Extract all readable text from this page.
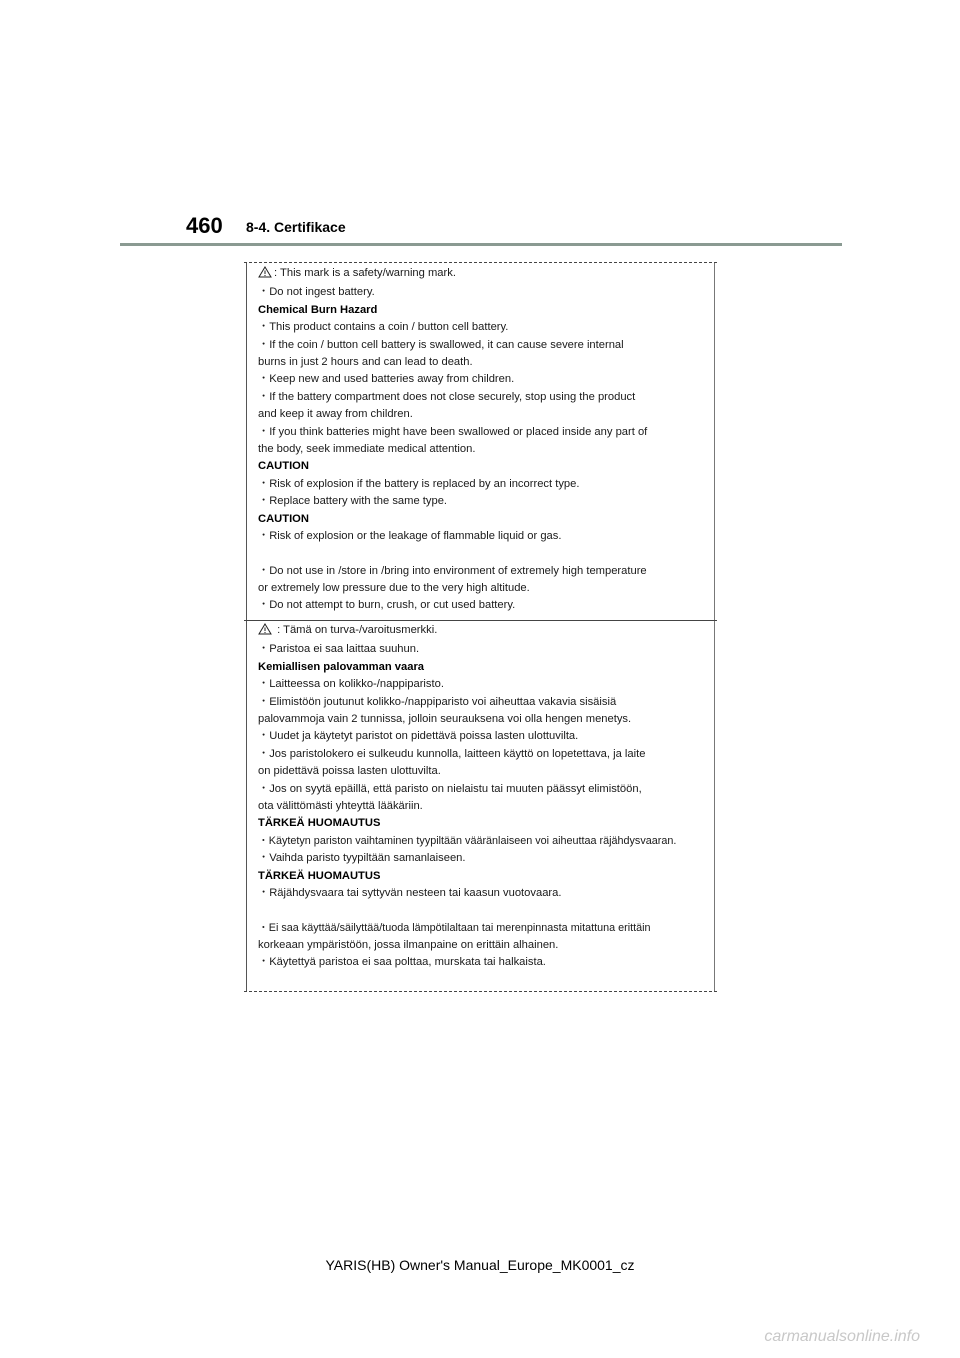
460 8-4. Certifikace
: This mark is a safety/warning mark.
・Do not ingest battery.
Chemical Burn Hazard
・This product contains a coin / button cell battery.
・If the coin / button cell battery is swallowed, it can cause severe internal
burns in just 2 hours and can lead to death.
・Keep new and used batteries away from children.
・If the battery compartment does not close securely, stop using the product
and keep it away from children.
・If you think batteries might have been swallowed or placed inside any part of
the body, seek immediate medical attention.
CAUTION
・Risk of explosion if the battery is replaced by an incorrect type.
・Replace battery with the same type.
CAUTION
・Risk of explosion or the leakage of flammable liquid or gas.
・Do not use in /store in /bring into environment of extremely high temperature
or extremely low pressure due to the very high altitude.
・Do not attempt to burn, crush, or cut used battery.
: Tämä on turva-/varoitusmerkki.
・Paristoa ei saa laittaa suuhun.
Kemiallisen palovamman vaara
・Laitteessa on kolikko-/nappiparisto.
・Elimistöön joutunut kolikko-/nappiparisto voi aiheuttaa vakavia sisäisiä
palovammoja vain 2 tunnissa, jolloin seurauksena voi olla hengen menetys.
・Uudet ja käytetyt paristot on pidettävä poissa lasten ulottuvilta.
・Jos paristolokero ei sulkeudu kunnolla, laitteen käyttö on lopetettava, ja laite
on pidettävä poissa lasten ulottuvilta.
・Jos on syytä epäillä, että paristo on nielaistu tai muuten päässyt elimistöön,
ota välittömästi yhteyttä lääkäriin.
TÄRKEÄ HUOMAUTUS
・Käytetyn pariston vaihtaminen tyypiltään vääränlaiseen voi aiheuttaa räjähdysvaaran.
・Vaihda paristo tyypiltään samanlaiseen.
TÄRKEÄ HUOMAUTUS
・Räjähdysvaara tai syttyvän nesteen tai kaasun vuotovaara.
・Ei saa käyttää/säilyttää/tuoda lämpötilaltaan tai merenpinnasta mitattuna erittäin
korkeaan ympäristöön, jossa ilmanpaine on erittäin alhainen.
・Käytettyä paristoa ei saa polttaa, murskata tai halkaista.
YARIS(HB) Owner's Manual_Europe_MK0001_cz
carmanualsonline.info
